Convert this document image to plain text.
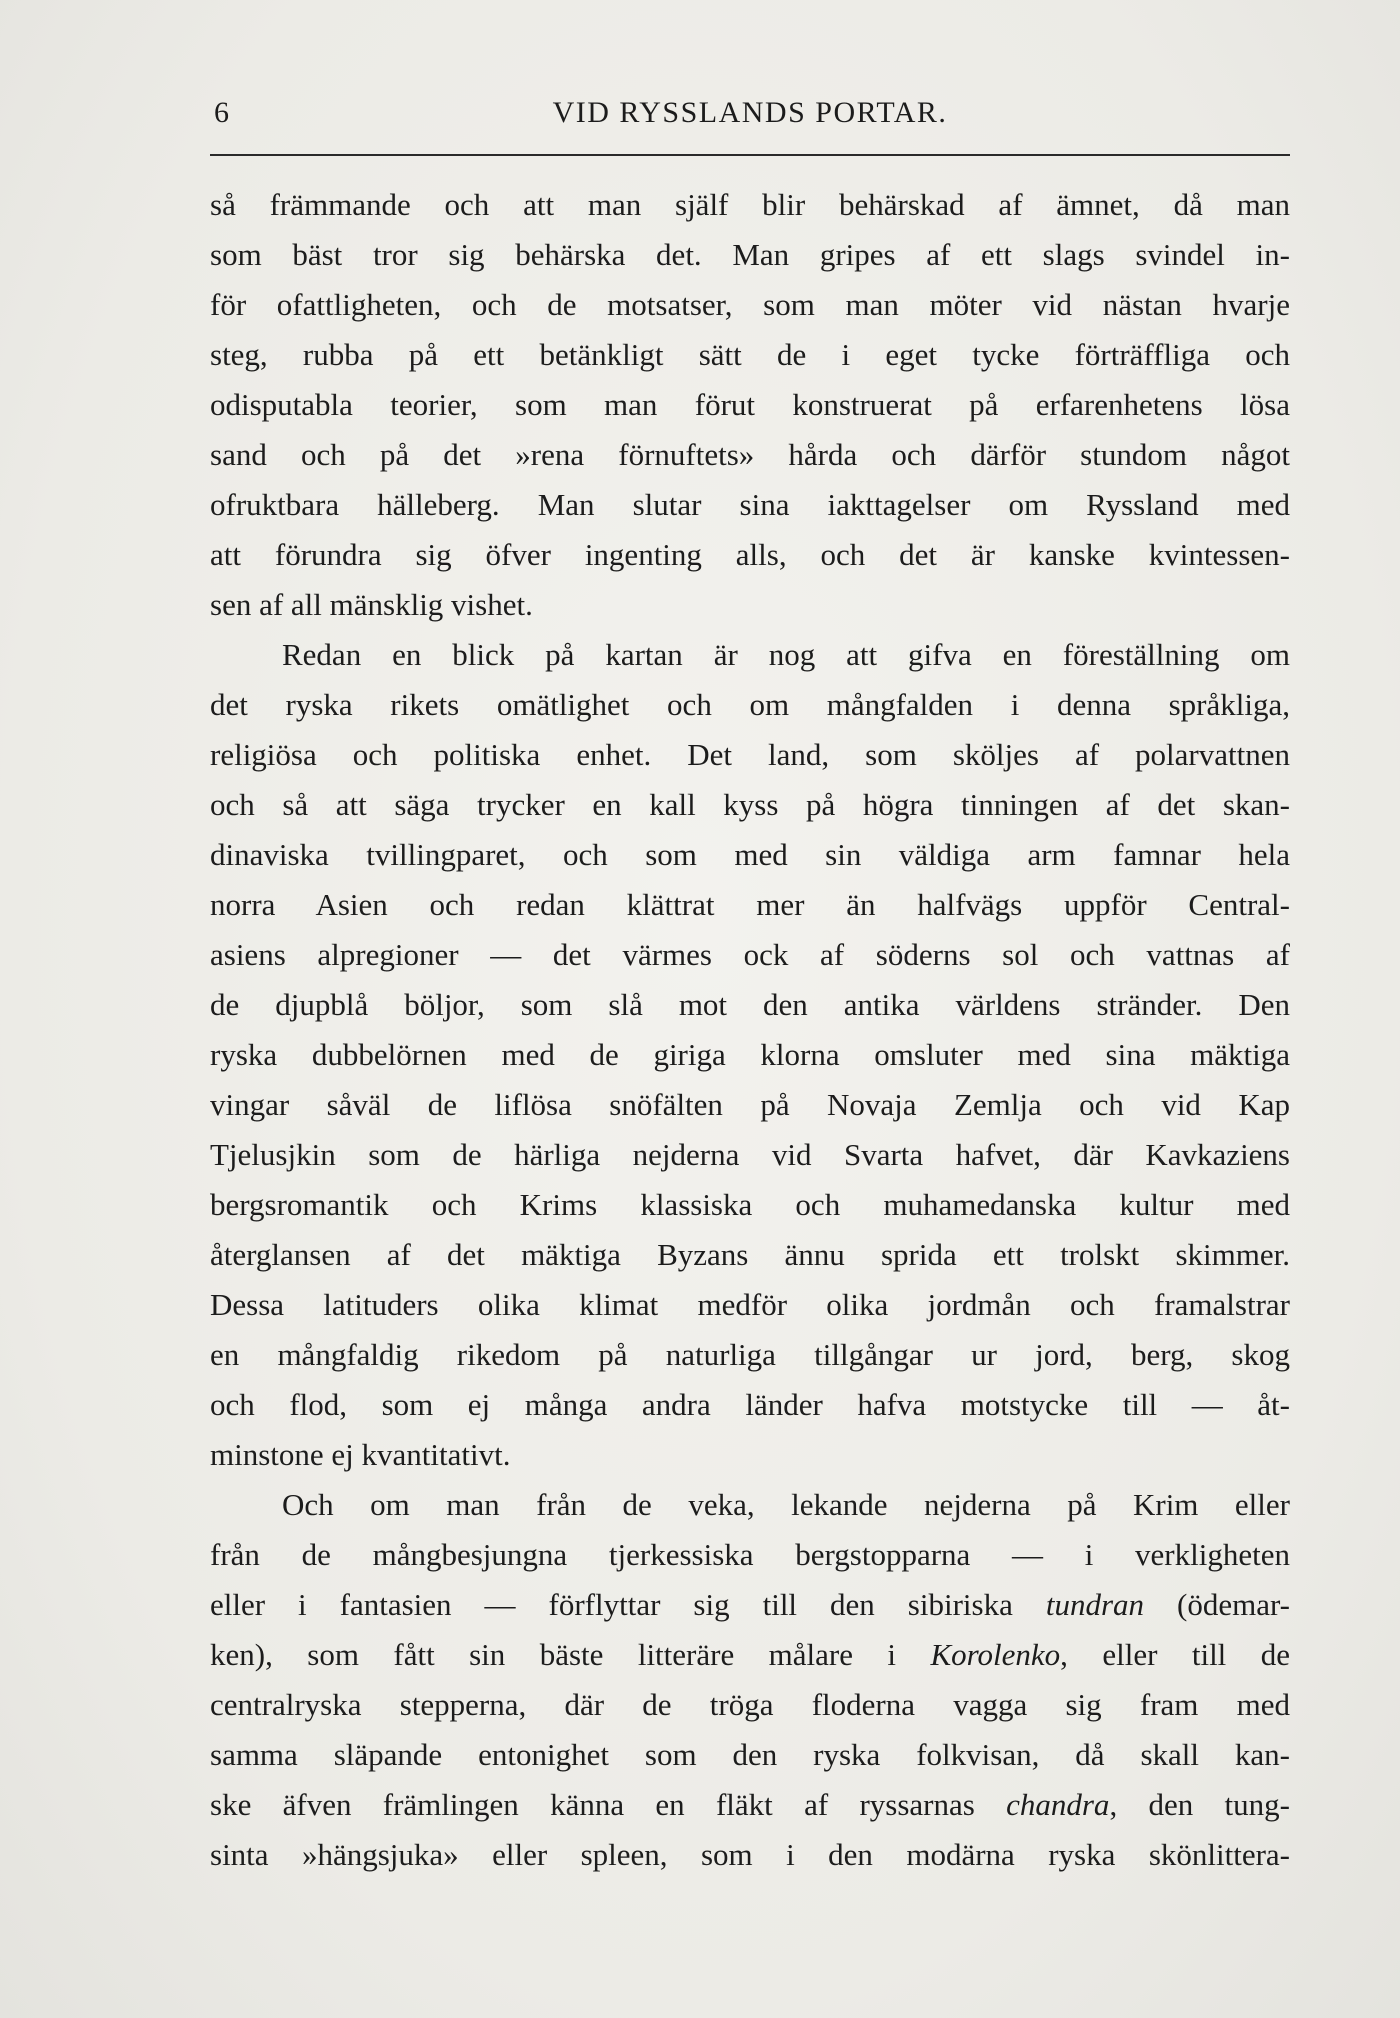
6	VID RYSSLANDS PORTAR.
så främmande och att man själf blir behärskad af ämnet, då man
som bäst tror sig behärska det. Man gripes af ett slags svindel in-
för ofattligheten, och de motsatser, som man möter vid nästan hvarje
steg, rubba på ett betänkligt sätt de i eget tycke förträffliga och
odisputabla teorier, som man förut konstruerat på erfarenhetens lösa
sand och på det »rena förnuftets» hårda och därför stundom något
ofruktbara hälleberg. Man slutar sina iakttagelser om Ryssland med
att förundra sig öfver ingenting alls, och det är kanske kvintessen-
sen af all mänsklig vishet.
Redan en blick på kartan är nog att gifva en föreställning om
det ryska rikets omätlighet och om mångfalden i denna språkliga,
religiösa och politiska enhet. Det land, som sköljes af polarvattnen
och så att säga trycker en kall kyss på högra tinningen af det skan-
dinaviska tvillingparet, och som med sin väldiga arm famnar hela
norra Asien och redan klättrat mer än halfvägs uppför Central-
asiens alpregioner — det värmes ock af söderns sol och vattnas af
de djupblå böljor, som slå mot den antika världens stränder. Den
ryska dubbelörnen med de giriga klorna omsluter med sina mäktiga
vingar såväl de liflösa snöfälten på Novaja Zemlja och vid Kap
Tjelusjkin som de härliga nejderna vid Svarta hafvet, där Kavkaziens
bergsromantik och Krims klassiska och muhamedanska kultur med
återglansen af det mäktiga Byzans ännu sprida ett trolskt skimmer.
Dessa latituders olika klimat medför olika jordmån och framalstrar
en mångfaldig rikedom på naturliga tillgångar ur jord, berg, skog
och flod, som ej många andra länder hafva motstycke till — åt-
minstone ej kvantitativt.
Och om man från de veka, lekande nejderna på Krim eller
från de mångbesjungna tjerkessiska bergstopparna — i verkligheten
eller i fantasien — förflyttar sig till den sibiriska tundran (ödemar-
ken), som fått sin bäste litteräre målare i Korolenko, eller till de
centralryska stepperna, där de tröga floderna vagga sig fram med
samma släpande entonighet som den ryska folkvisan, då skall kan-
ske äfven främlingen känna en fläkt af ryssarnas chandra, den tung-
sinta »hängsjuka» eller spleen, som i den modärna ryska skönlittera-
